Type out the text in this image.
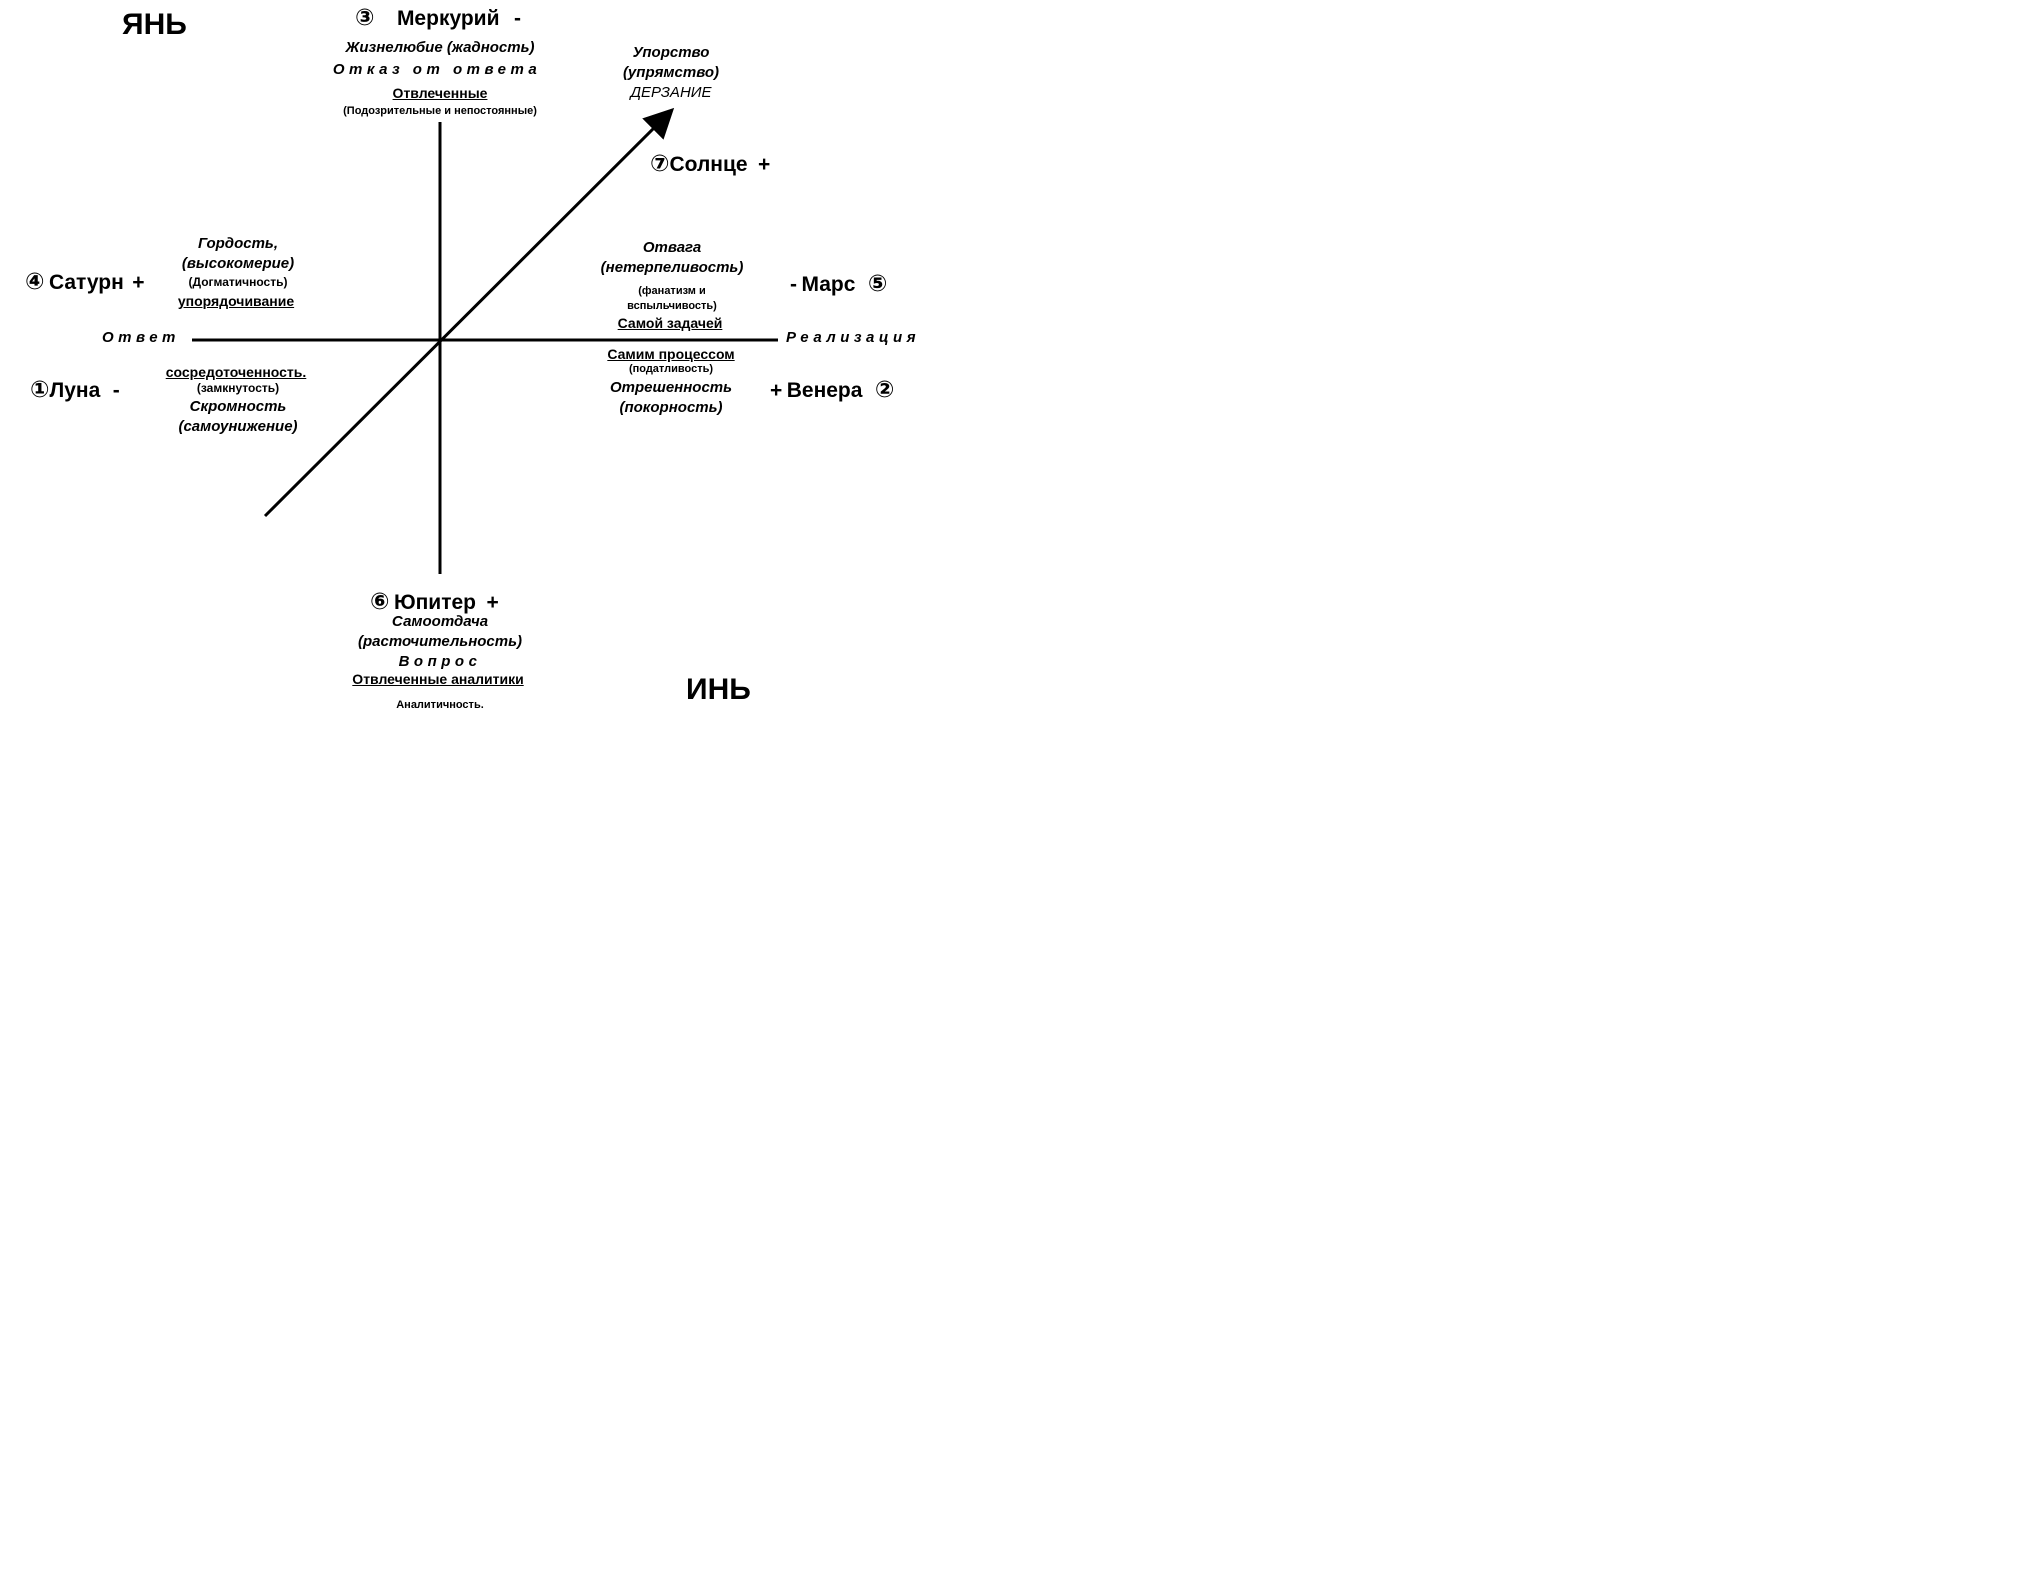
ЯНЬ
ИНЬ
Ответ	Реализация
③ Меркурий -
Жизнелюбие (жадность)
Отказ от ответа
Отвлеченные
(Подозрительные и непостоянные)
Упорство
(упрямство)
ДЕРЗАНИЕ
⑦Солнце +
④ Сатурн +
Гордость,
(высокомерие)
(Догматичность)
упорядочивание
Отвага
(нетерпеливость)
(фанатизм и
вспыльчивость)
Самой задачей
- Марс ⑤
①Луна -
сосредоточенность.
(замкнутость)
Скромность
(самоунижение)
Самим процессом
(податливость)
Отрешенность
(покорность)
+ Венера ②
⑥ Юпитер +
Самоотдача
(расточительность)
Вопрос
Отвлеченные аналитики
Аналитичность.
